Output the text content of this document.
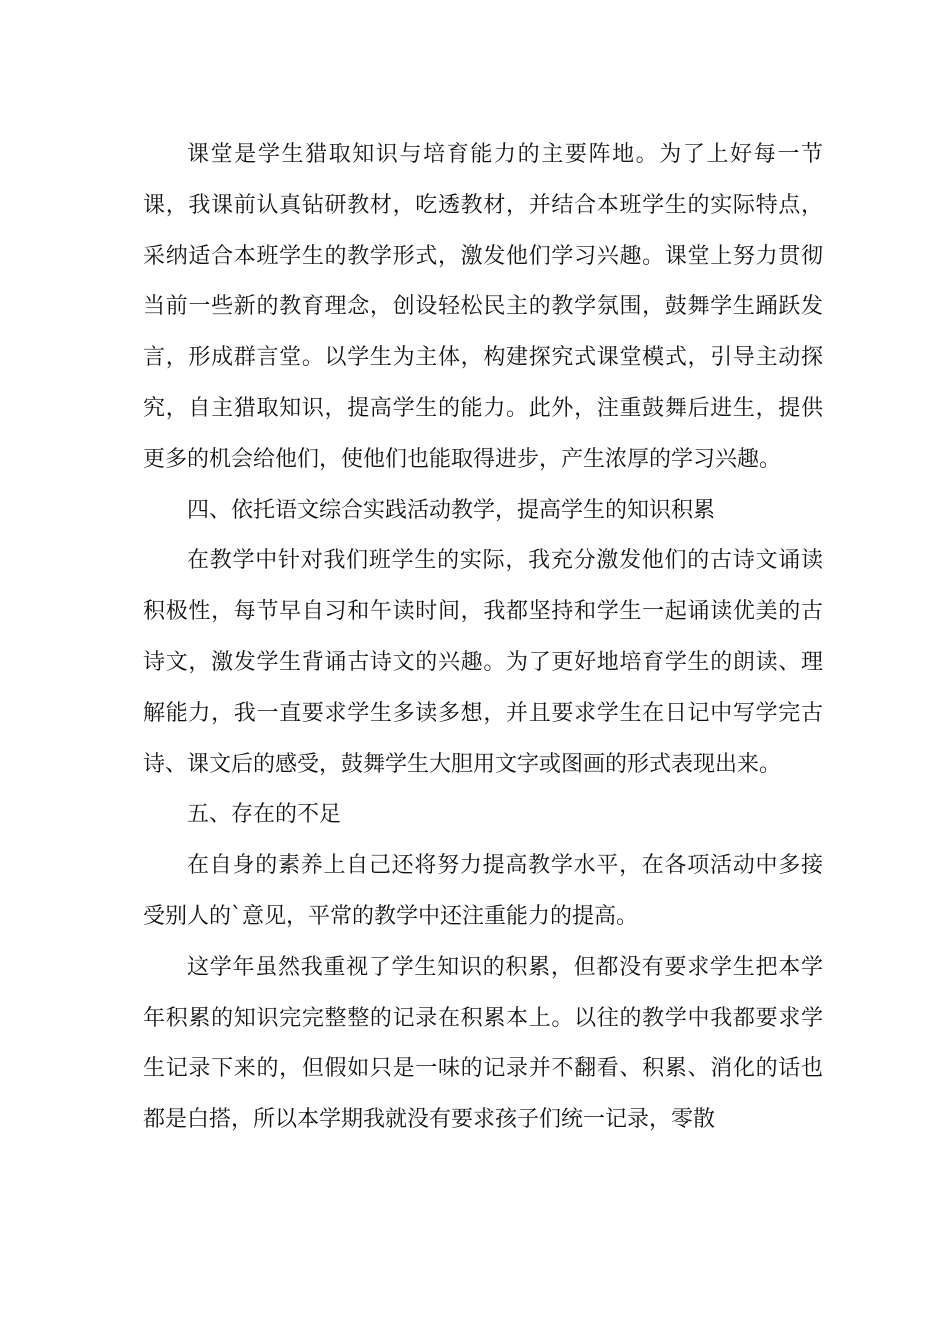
课堂是学生猎取知识与培育能力的主要阵地。为了上好每一节课，我课前认真钻研教材，吃透教材，并结合本班学生的实际特点，采纳适合本班学生的教学形式，激发他们学习兴趣。课堂上努力贯彻当前一些新的教育理念，创设轻松民主的教学氛围，鼓舞学生踊跃发言，形成群言堂。以学生为主体，构建探究式课堂模式，引导主动探究，自主猎取知识，提高学生的能力。此外，注重鼓舞后进生，提供更多的机会给他们，使他们也能取得进步，产生浓厚的学习兴趣。

四、依托语文综合实践活动教学，提高学生的知识积累

在教学中针对我们班学生的实际，我充分激发他们的古诗文诵读积极性，每节早自习和午读时间，我都坚持和学生一起诵读优美的古诗文，激发学生背诵古诗文的兴趣。为了更好地培育学生的朗读、理解能力，我一直要求学生多读多想，并且要求学生在日记中写学完古诗、课文后的感受，鼓舞学生大胆用文字或图画的形式表现出来。

五、存在的不足

在自身的素养上自己还将努力提高教学水平，在各项活动中多接受别人的`意见，平常的教学中还注重能力的提高。

这学年虽然我重视了学生知识的积累，但都没有要求学生把本学年积累的知识完完整整的记录在积累本上。以往的教学中我都要求学生记录下来的，但假如只是一味的记录并不翻看、积累、消化的话也都是白搭，所以本学期我就没有要求孩子们统一记录，零散
